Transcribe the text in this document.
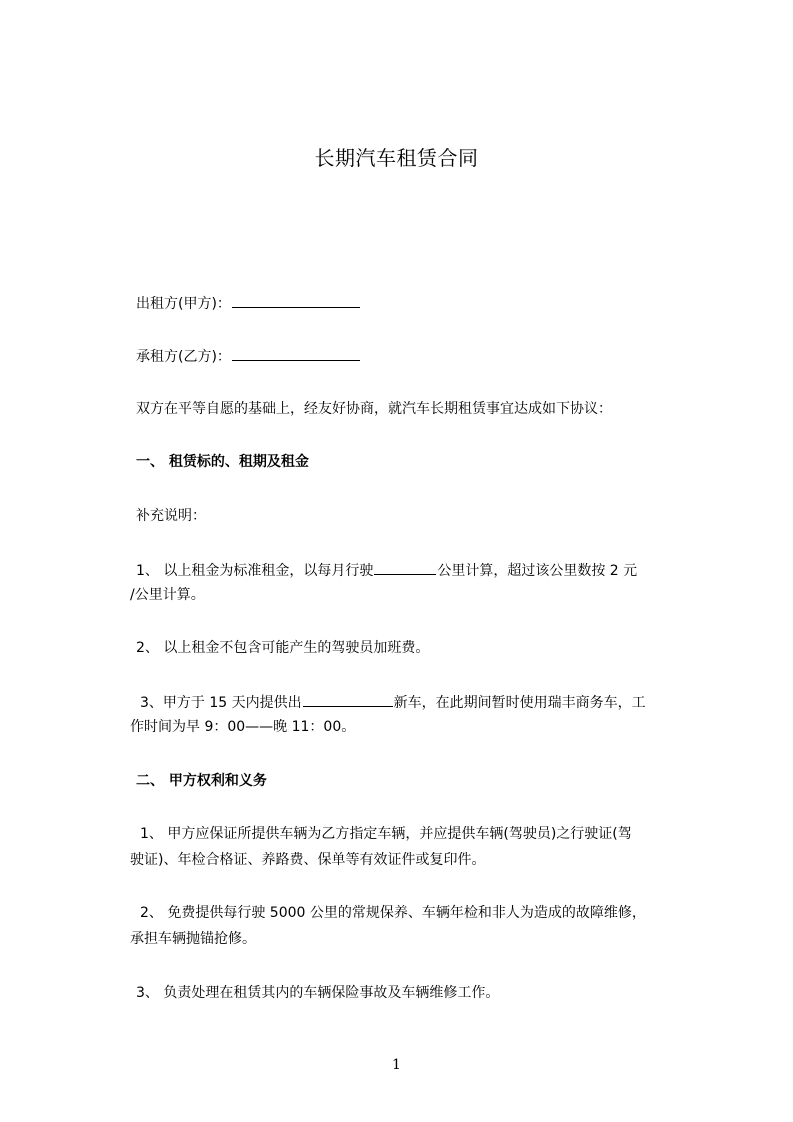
长期汽车租赁合同
出租方(甲方)：
承租方(乙方)：
双方在平等自愿的基础上，经友好协商，就汽车长期租赁事宜达成如下协议：
一、 租赁标的、租期及租金
补充说明：
1、 以上租金为标准租金，以每月行驶	公里计算，超过该公里数按 2 元
/公里计算。
2、 以上租金不包含可能产生的驾驶员加班费。
3、甲方于 15 天内提供出	新车，在此期间暂时使用瑞丰商务车，工
作时间为早 9：00——晚 11：00。
二、 甲方权利和义务
1、 甲方应保证所提供车辆为乙方指定车辆，并应提供车辆(驾驶员)之行驶证(驾
驶证)、年检合格证、养路费、保单等有效证件或复印件。
2、 免费提供每行驶 5000 公里的常规保养、车辆年检和非人为造成的故障维修，
承担车辆抛锚抢修。
3、 负责处理在租赁其内的车辆保险事故及车辆维修工作。
1
